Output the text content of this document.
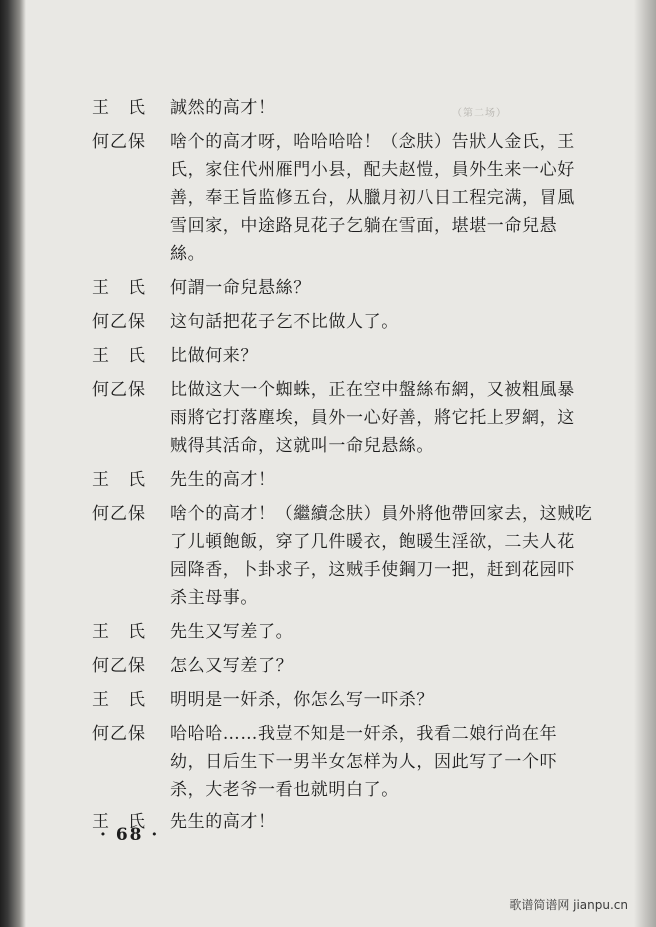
（第二场）
王　氏	誠然的高才！
何乙保	啥个的高才呀，哈哈哈哈！（念肤）告狀人金氏，王
氏，家住代州雁門小县，配夫赵愷，員外生来一心好
善，奉王旨监修五台，从臘月初八日工程完满，冒風
雪回家，中途路見花子乞躺在雪面，堪堪一命兒悬
絲。
王　氏	何謂一命兒悬絲？
何乙保	这句話把花子乞不比做人了。
王　氏	比做何来？
何乙保	比做这大一个蜘蛛，正在空中盤絲布網，又被粗風暴
雨將它打落塵埃，員外一心好善，將它托上罗網，这
贼得其活命，这就叫一命兒悬絲。
王　氏	先生的高才！
何乙保	啥个的高才！（繼續念肤）員外將他帶回家去，这贼吃
了儿頓飽飯，穿了几件暖衣，飽暖生淫欲，二夫人花
园降香，卜卦求子，这贼手使鋼刀一把，赶到花园吓
杀主母事。
王　氏	先生又写差了。
何乙保	怎么又写差了？
王　氏	明明是一奸杀，你怎么写一吓杀？
何乙保	哈哈哈……我豈不知是一奸杀，我看二娘行尚在年
幼，日后生下一男半女怎样为人，因此写了一个吓
杀，大老爷一看也就明白了。
王　氏	先生的高才！
· 68 ·
歌谱简谱网 jianpu.cn
